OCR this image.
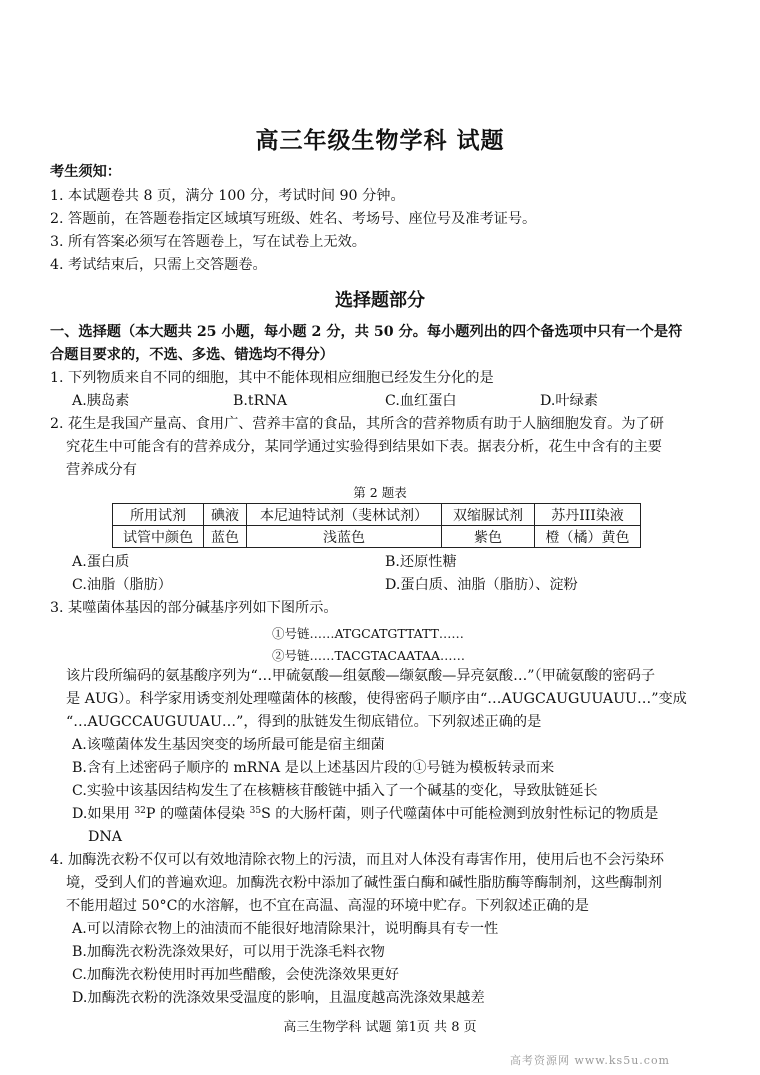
高三年级生物学科 试题
考生须知：
1. 本试题卷共 8 页，满分 100 分，考试时间 90 分钟。
2. 答题前，在答题卷指定区域填写班级、姓名、考场号、座位号及准考证号。
3. 所有答案必须写在答题卷上，写在试卷上无效。
4. 考试结束后，只需上交答题卷。
选择题部分
一、选择题（本大题共 25 小题，每小题 2 分，共 50 分。每小题列出的四个备选项中只有一个是符
合题目要求的，不选、多选、错选均不得分）
1. 下列物质来自不同的细胞，其中不能体现相应细胞已经发生分化的是
A.胰岛素	B.tRNA	C.血红蛋白	D.叶绿素
2. 花生是我国产量高、食用广、营养丰富的食品，其所含的营养物质有助于人脑细胞发育。为了研
究花生中可能含有的营养成分，某同学通过实验得到结果如下表。据表分析，花生中含有的主要
营养成分有
第 2 题表
所用试剂	碘液	本尼迪特试剂（斐林试剂）	双缩脲试剂	苏丹III染液
试管中颜色	蓝色	浅蓝色	紫色	橙（橘）黄色
A.蛋白质	B.还原性糖
C.油脂（脂肪）	D.蛋白质、油脂（脂肪）、淀粉
3. 某噬菌体基因的部分碱基序列如下图所示。
①号链……ATGCATGTTATT……
②号链……TACGTACAATAA……
该片段所编码的氨基酸序列为“…甲硫氨酸—组氨酸—缬氨酸—异亮氨酸…”（甲硫氨酸的密码子
是 AUG）。科学家用诱变剂处理噬菌体的核酸，使得密码子顺序由“…AUGCAUGUUAUU…”变成
“…AUGCCAUGUUAU…”，得到的肽链发生彻底错位。下列叙述正确的是
A.该噬菌体发生基因突变的场所最可能是宿主细菌
B.含有上述密码子顺序的 mRNA 是以上述基因片段的①号链为模板转录而来
C.实验中该基因结构发生了在核糖核苷酸链中插入了一个碱基的变化，导致肽链延长
D.如果用 $^{32}$P 的噬菌体侵染 $^{35}$S 的大肠杆菌，则子代噬菌体中可能检测到放射性标记的物质是
DNA
4. 加酶洗衣粉不仅可以有效地清除衣物上的污渍，而且对人体没有毒害作用，使用后也不会污染环
境，受到人们的普遍欢迎。加酶洗衣粉中添加了碱性蛋白酶和碱性脂肪酶等酶制剂，这些酶制剂
不能用超过 50°C的水溶解，也不宜在高温、高湿的环境中贮存。下列叙述正确的是
A.可以清除衣物上的油渍而不能很好地清除果汁，说明酶具有专一性
B.加酶洗衣粉洗涤效果好，可以用于洗涤毛料衣物
C.加酶洗衣粉使用时再加些醋酸，会使洗涤效果更好
D.加酶洗衣粉的洗涤效果受温度的影响，且温度越高洗涤效果越差
高三生物学科 试题 第1页 共 8 页
高考资源网 www.ks5u.com
